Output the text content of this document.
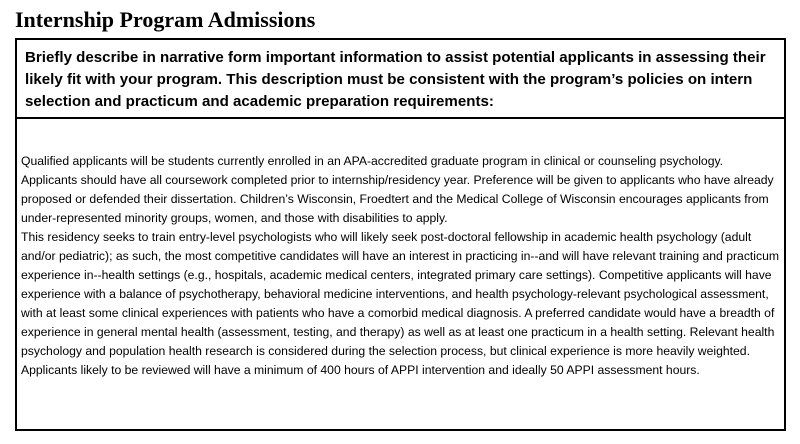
Internship Program Admissions
Briefly describe in narrative form important information to assist potential applicants in assessing their likely fit with your program. This description must be consistent with the program’s policies on intern selection and practicum and academic preparation requirements:

Qualified applicants will be students currently enrolled in an APA-accredited graduate program in clinical or counseling psychology. Applicants should have all coursework completed prior to internship/residency year. Preference will be given to applicants who have already proposed or defended their dissertation. Children’s Wisconsin, Froedtert and the Medical College of Wisconsin encourages applicants from under-represented minority groups, women, and those with disabilities to apply.

This residency seeks to train entry-level psychologists who will likely seek post-doctoral fellowship in academic health psychology (adult and/or pediatric); as such, the most competitive candidates will have an interest in practicing in--and will have relevant training and practicum experience in--health settings (e.g., hospitals, academic medical centers, integrated primary care settings). Competitive applicants will have experience with a balance of psychotherapy, behavioral medicine interventions, and health psychology-relevant psychological assessment, with at least some clinical experiences with patients who have a comorbid medical diagnosis. A preferred candidate would have a breadth of experience in general mental health (assessment, testing, and therapy) as well as at least one practicum in a health setting. Relevant health psychology and population health research is considered during the selection process, but clinical experience is more heavily weighted. Applicants likely to be reviewed will have a minimum of 400 hours of APPI intervention and ideally 50 APPI assessment hours.
